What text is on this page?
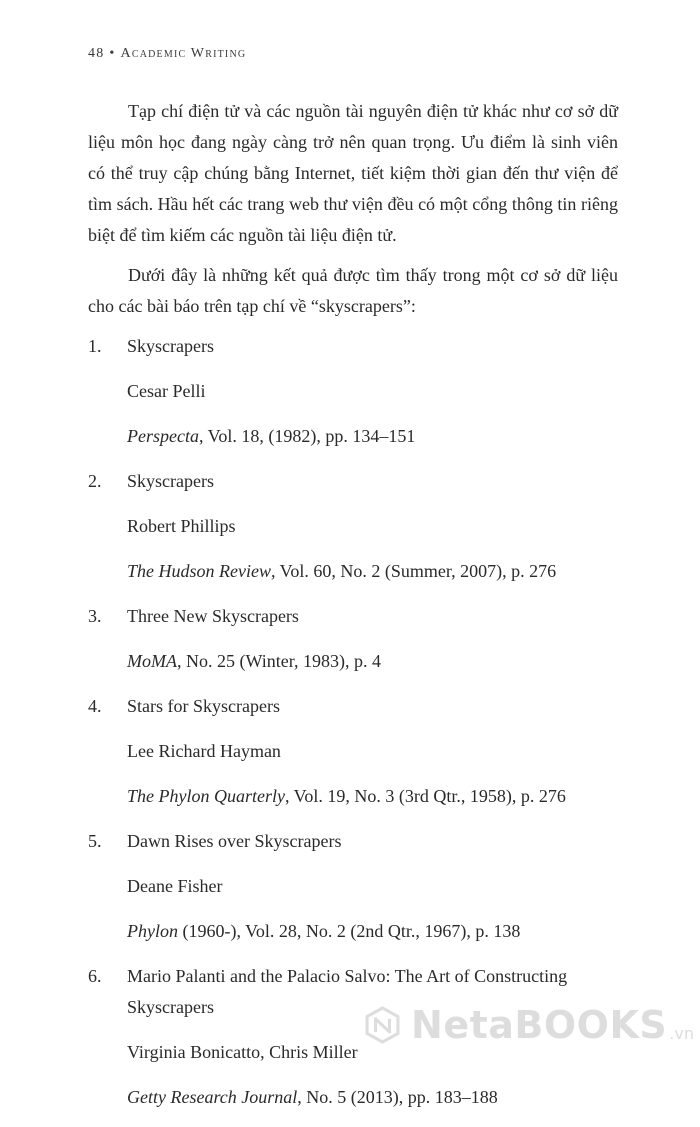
48 • Academic Writing

Tạp chí điện tử và các nguồn tài nguyên điện tử khác như cơ sở dữ liệu môn học đang ngày càng trở nên quan trọng. Ưu điểm là sinh viên có thể truy cập chúng bằng Internet, tiết kiệm thời gian đến thư viện để tìm sách. Hầu hết các trang web thư viện đều có một cổng thông tin riêng biệt để tìm kiếm các nguồn tài liệu điện tử.

Dưới đây là những kết quả được tìm thấy trong một cơ sở dữ liệu cho các bài báo trên tạp chí về “skyscrapers”:

1. Skyscrapers
Cesar Pelli
Perspecta, Vol. 18, (1982), pp. 134–151
2. Skyscrapers
Robert Phillips
The Hudson Review, Vol. 60, No. 2 (Summer, 2007), p. 276
3. Three New Skyscrapers
MoMA, No. 25 (Winter, 1983), p. 4
4. Stars for Skyscrapers
Lee Richard Hayman
The Phylon Quarterly, Vol. 19, No. 3 (3rd Qtr., 1958), p. 276
5. Dawn Rises over Skyscrapers
Deane Fisher
Phylon (1960-), Vol. 28, No. 2 (2nd Qtr., 1967), p. 138
6. Mario Palanti and the Palacio Salvo: The Art of Constructing Skyscrapers
Virginia Bonicatto, Chris Miller
Getty Research Journal, No. 5 (2013), pp. 183–188
NetaBOOKS .vn
